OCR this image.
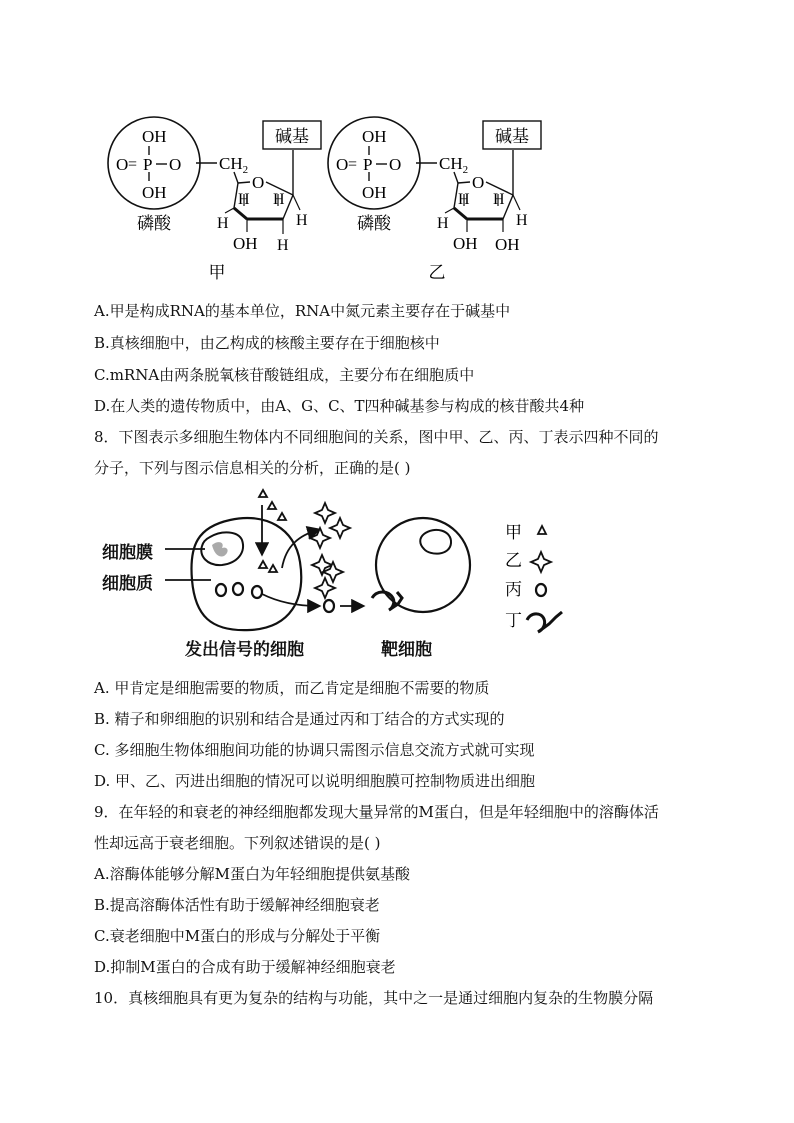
OH
O = P O
OH
$CH_2$
O
H
H H
H
OH H
碱基
磷酸
甲
OH
O = P O
OH
$CH_2$
O
H
H H
H
OH OH
碱基
磷酸
乙
A.甲是构成RNA的基本单位，RNA中氮元素主要存在于碱基中
B.真核细胞中，由乙构成的核酸主要存在于细胞核中
C.mRNA由两条脱氧核苷酸链组成，主要分布在细胞质中
D.在人类的遗传物质中，由A、G、C、T四种碱基参与构成的核苷酸共4种
8．下图表示多细胞生物体内不同细胞间的关系，图中甲、乙、丙、丁表示四种不同的
分子，下列与图示信息相关的分析，正确的是( )
甲
乙
丙
丁
细胞膜
细胞质
发出信号的细胞	靶细胞
A. 甲肯定是细胞需要的物质，而乙肯定是细胞不需要的物质
B. 精子和卵细胞的识别和结合是通过丙和丁结合的方式实现的
C. 多细胞生物体细胞间功能的协调只需图示信息交流方式就可实现
D. 甲、乙、丙进出细胞的情况可以说明细胞膜可控制物质进出细胞
9．在年轻的和衰老的神经细胞都发现大量异常的M蛋白，但是年轻细胞中的溶酶体活
性却远高于衰老细胞。下列叙述错误的是( )
A.溶酶体能够分解M蛋白为年轻细胞提供氨基酸
B.提高溶酶体活性有助于缓解神经细胞衰老
C.衰老细胞中M蛋白的形成与分解处于平衡
D.抑制M蛋白的合成有助于缓解神经细胞衰老
10．真核细胞具有更为复杂的结构与功能，其中之一是通过细胞内复杂的生物膜分隔
